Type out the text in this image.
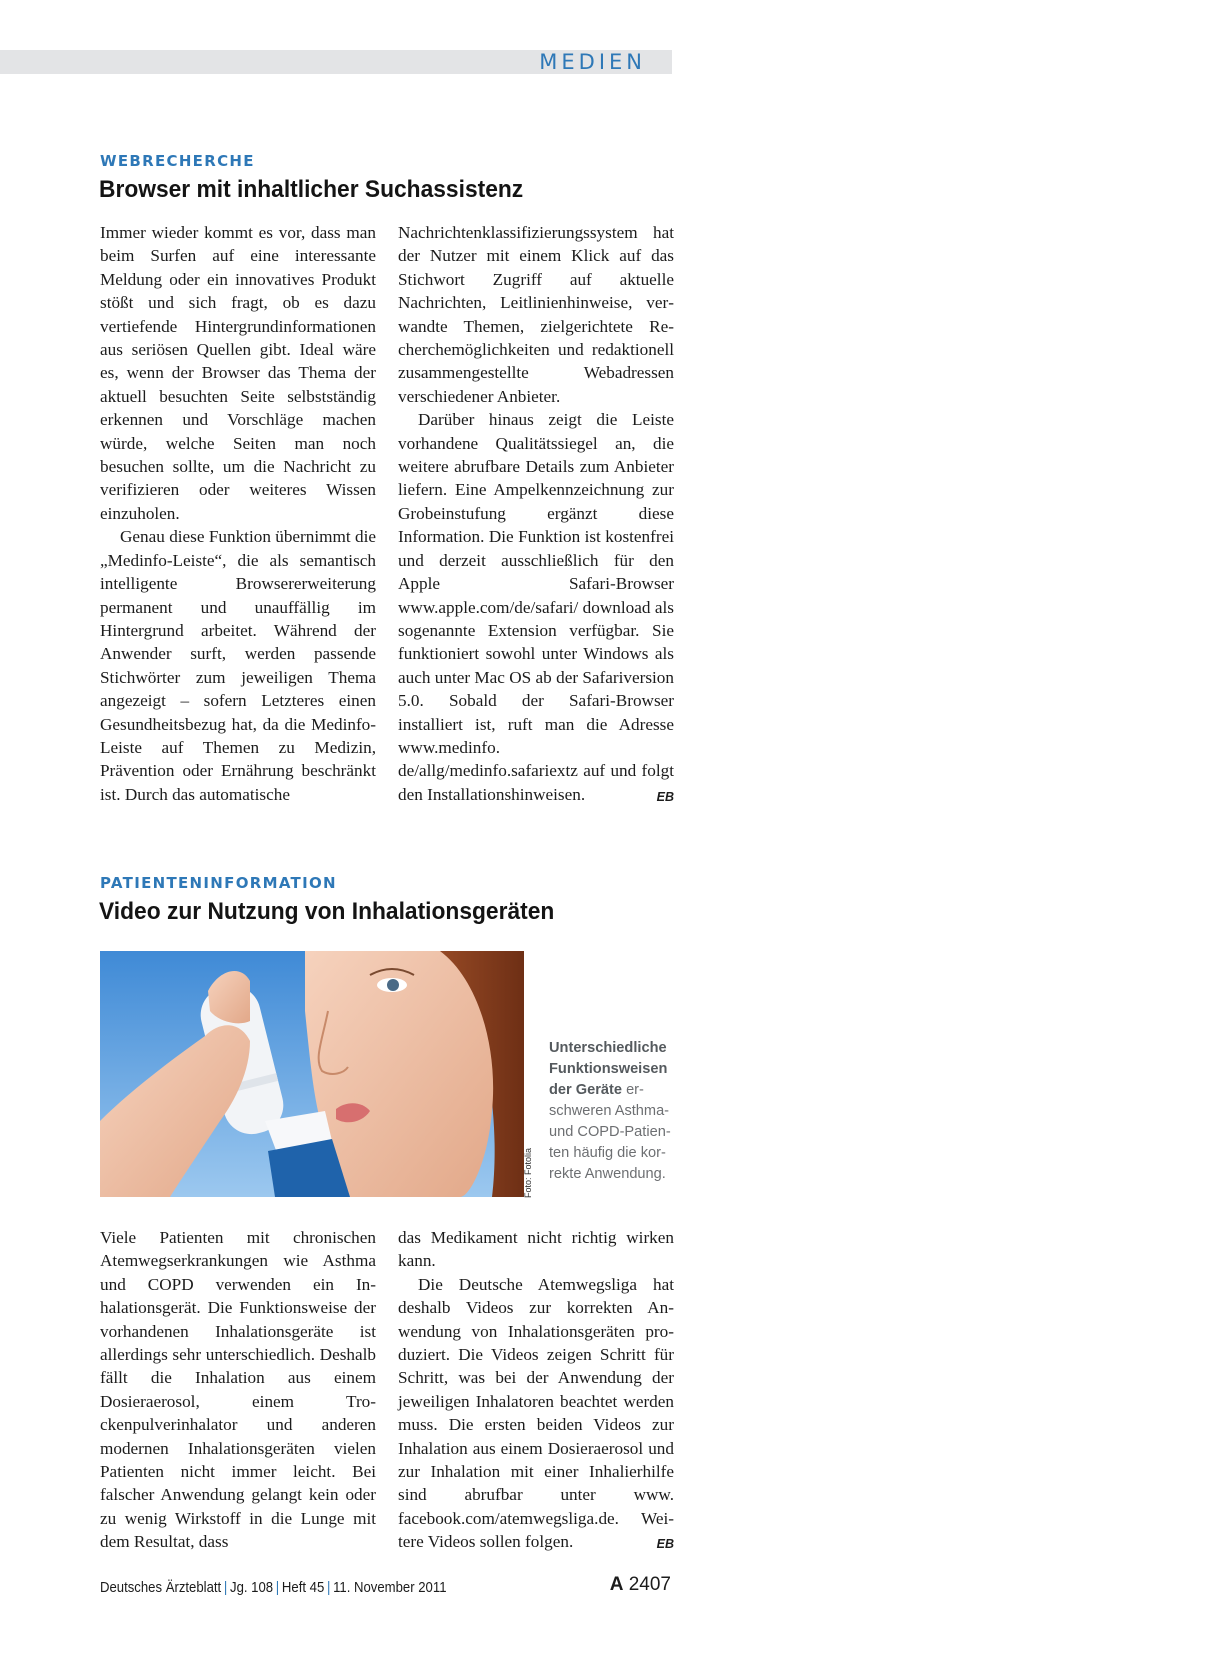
MEDIEN
WEBRECHERCHE
Browser mit inhaltlicher Suchassistenz

Immer wieder kommt es vor, dass man beim Surfen auf eine interessante Meldung oder ein innovatives Produkt stößt und sich fragt, ob es dazu vertiefende Hintergrundinformationen aus seriösen Quellen gibt. Ideal wäre es, wenn der Browser das Thema der aktuell besuchten Seite selbstständig erkennen und Vorschläge machen würde, welche Seiten man noch besuchen sollte, um die Nachricht zu verifizieren oder weiteres Wissen einzuholen.

Genau diese Funktion übernimmt die „Medinfo-Leiste“, die als semantisch intelligente Browsererweiterung permanent und unauffällig im Hintergrund arbeitet. Während der Anwender surft, werden passende Stichwörter zum jeweiligen Thema angezeigt – sofern Letzteres einen Gesundheitsbezug hat, da die Medinfo-Leiste auf Themen zu Medizin, Prävention oder Ernährung beschränkt ist. Durch das automatische

Nachrichtenklassifizierungssystem hat der Nutzer mit einem Klick auf das Stichwort Zugriff auf aktuelle Nachrichten, Leitlinienhinweise, verwandte Themen, zielgerichtete Recherchemöglichkeiten und redaktionell zusammengestellte Webadressen verschiedener Anbieter.

Darüber hinaus zeigt die Leiste vorhandene Qualitätssiegel an, die weitere abrufbare Details zum Anbieter liefern. Eine Ampelkennzeichnung zur Grobeinstufung ergänzt diese Information. Die Funktion ist kostenfrei und derzeit ausschließlich für den Apple Safari-Browser www.apple.com/de/safari/ download als sogenannte Extension verfügbar. Sie funktioniert sowohl unter Windows als auch unter Mac OS ab der Safariversion 5.0. Sobald der Safari-Browser installiert ist, ruft man die Adresse www.medinfo. de/allg/medinfo.safariextz auf und folgt den Installationshinweisen.	EB

PATIENTENINFORMATION
Video zur Nutzung von Inhalationsgeräten
Foto: Fotolia
Unterschiedliche Funktionsweisen der Geräte erschweren Asthma- und COPD-Patienten häufig die korrekte Anwendung.

Viele Patienten mit chronischen Atemwegserkrankungen wie Asthma und COPD verwenden ein Inhalationsgerät. Die Funktionsweise der vorhandenen Inhalationsgeräte ist allerdings sehr unterschiedlich. Deshalb fällt die Inhalation aus einem Dosieraerosol, einem Trockenpulverinhalator und anderen modernen Inhalationsgeräten vielen Patienten nicht immer leicht. Bei falscher Anwendung gelangt kein oder zu wenig Wirkstoff in die Lunge mit dem Resultat, dass

das Medikament nicht richtig wirken kann.

Die Deutsche Atemwegsliga hat deshalb Videos zur korrekten Anwendung von Inhalationsgeräten produziert. Die Videos zeigen Schritt für Schritt, was bei der Anwendung der jeweiligen Inhalatoren beachtet werden muss. Die ersten beiden Videos zur Inhalation aus einem Dosieraerosol und zur Inhalation mit einer Inhalierhilfe sind abrufbar unter www. facebook.com/atemwegsliga.de. Weitere Videos sollen folgen.	EB

Deutsches Ärzteblatt | Jg. 108 | Heft 45 | 11. November 2011	A 2407
